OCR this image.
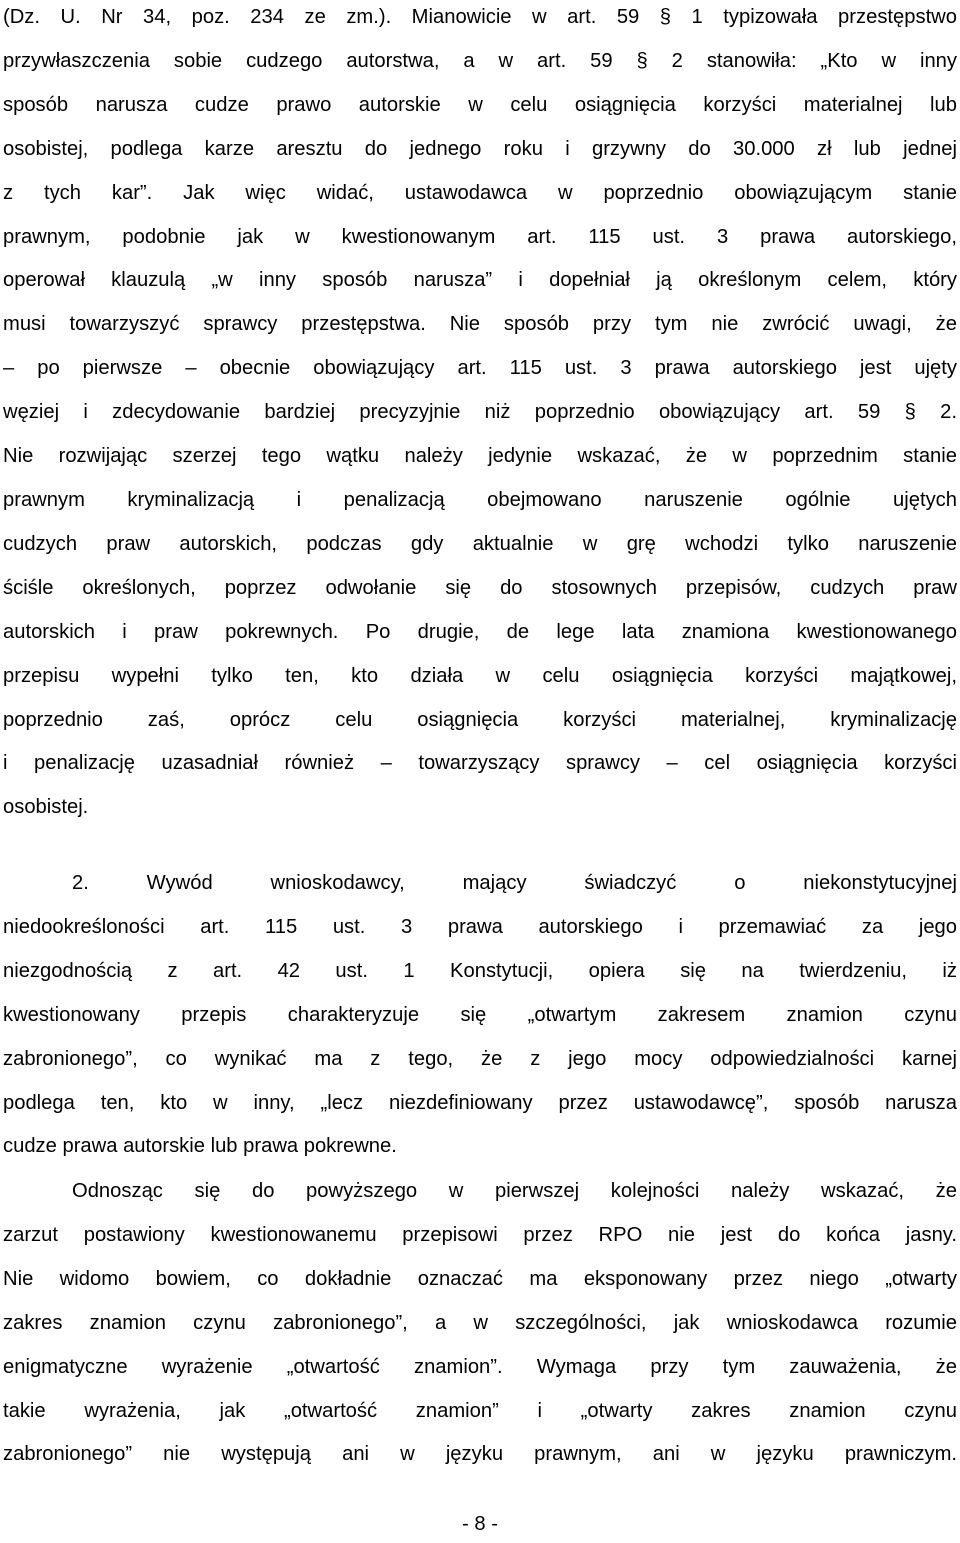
(Dz. U. Nr 34, poz. 234 ze zm.). Mianowicie w art. 59 § 1 typizowała przestępstwo
przywłaszczenia sobie cudzego autorstwa, a w art. 59 § 2 stanowiła: „Kto w inny
sposób narusza cudze prawo autorskie w celu osiągnięcia korzyści materialnej lub
osobistej, podlega karze aresztu do jednego roku i grzywny do 30.000 zł lub jednej
z tych kar”. Jak więc widać, ustawodawca w poprzednio obowiązującym stanie
prawnym, podobnie jak w kwestionowanym art. 115 ust. 3 prawa autorskiego,
operował klauzulą „w inny sposób narusza” i dopełniał ją określonym celem, który
musi towarzyszyć sprawcy przestępstwa. Nie sposób przy tym nie zwrócić uwagi, że
– po pierwsze – obecnie obowiązujący art. 115 ust. 3 prawa autorskiego jest ujęty
węziej i zdecydowanie bardziej precyzyjnie niż poprzednio obowiązujący art. 59 § 2.
Nie rozwijając szerzej tego wątku należy jedynie wskazać, że w poprzednim stanie
prawnym kryminalizacją i penalizacją obejmowano naruszenie ogólnie ujętych
cudzych praw autorskich, podczas gdy aktualnie w grę wchodzi tylko naruszenie
ściśle określonych, poprzez odwołanie się do stosownych przepisów, cudzych praw
autorskich i praw pokrewnych. Po drugie, de lege lata znamiona kwestionowanego
przepisu wypełni tylko ten, kto działa w celu osiągnięcia korzyści majątkowej,
poprzednio zaś, oprócz celu osiągnięcia korzyści materialnej, kryminalizację
i penalizację uzasadniał również – towarzyszący sprawcy – cel osiągnięcia korzyści
osobistej.
2. Wywód wnioskodawcy, mający świadczyć o niekonstytucyjnej
niedookreśloności art. 115 ust. 3 prawa autorskiego i przemawiać za jego
niezgodnością z art. 42 ust. 1 Konstytucji, opiera się na twierdzeniu, iż
kwestionowany przepis charakteryzuje się „otwartym zakresem znamion czynu
zabronionego”, co wynikać ma z tego, że z jego mocy odpowiedzialności karnej
podlega ten, kto w inny, „lecz niezdefiniowany przez ustawodawcę”, sposób narusza
cudze prawa autorskie lub prawa pokrewne.
Odnosząc się do powyższego w pierwszej kolejności należy wskazać, że
zarzut postawiony kwestionowanemu przepisowi przez RPO nie jest do końca jasny.
Nie widomo bowiem, co dokładnie oznaczać ma eksponowany przez niego „otwarty
zakres znamion czynu zabronionego”, a w szczególności, jak wnioskodawca rozumie
enigmatyczne wyrażenie „otwartość znamion”. Wymaga przy tym zauważenia, że
takie wyrażenia, jak „otwartość znamion” i „otwarty zakres znamion czynu
zabronionego” nie występują ani w języku prawnym, ani w języku prawniczym.
- 8 -
